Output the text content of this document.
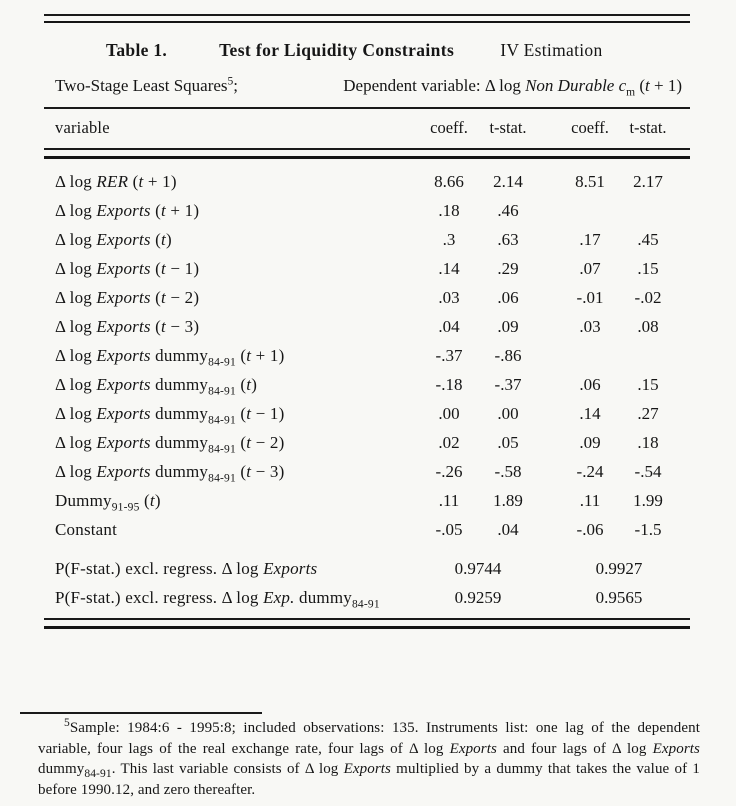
Table 1.	Test for Liquidity Constraints	IV Estimation
Two-Stage Least Squares$^5$;	Dependent variable: Δ log Non Durable $c_m$ (t + 1)
variable	coeff.	t-stat.	coeff.	t-stat.
Δ log RER (t + 1)	8.66	2.14	8.51	2.17
Δ log Exports (t + 1)	.18	.46
Δ log Exports (t)	.3	.63	.17	.45
Δ log Exports (t − 1)	.14	.29	.07	.15
Δ log Exports (t − 2)	.03	.06	-.01	-.02
Δ log Exports (t − 3)	.04	.09	.03	.08
Δ log Exports dummy$_{84-91}$ (t + 1)	-.37	-.86
Δ log Exports dummy$_{84-91}$ (t)	-.18	-.37	.06	.15
Δ log Exports dummy$_{84-91}$ (t − 1)	.00	.00	.14	.27
Δ log Exports dummy$_{84-91}$ (t − 2)	.02	.05	.09	.18
Δ log Exports dummy$_{84-91}$ (t − 3)	-.26	-.58	-.24	-.54
Dummy$_{91-95}$ (t)	.11	1.89	.11	1.99
Constant	-.05	.04	-.06	-1.5
P(F-stat.) excl. regress. Δ log Exports	0.9744	0.9927
P(F-stat.) excl. regress. Δ log Exp. dummy$_{84-91}$	0.9259	0.9565

$^5$Sample: 1984:6 - 1995:8; included observations: 135. Instruments list: one lag of the dependent variable, four lags of the real exchange rate, four lags of Δ log Exports and four lags of Δ log Exports dummy$_{84-91}$. This last variable consists of Δ log Exports multiplied by a dummy that takes the value of 1 before 1990.12, and zero thereafter.
